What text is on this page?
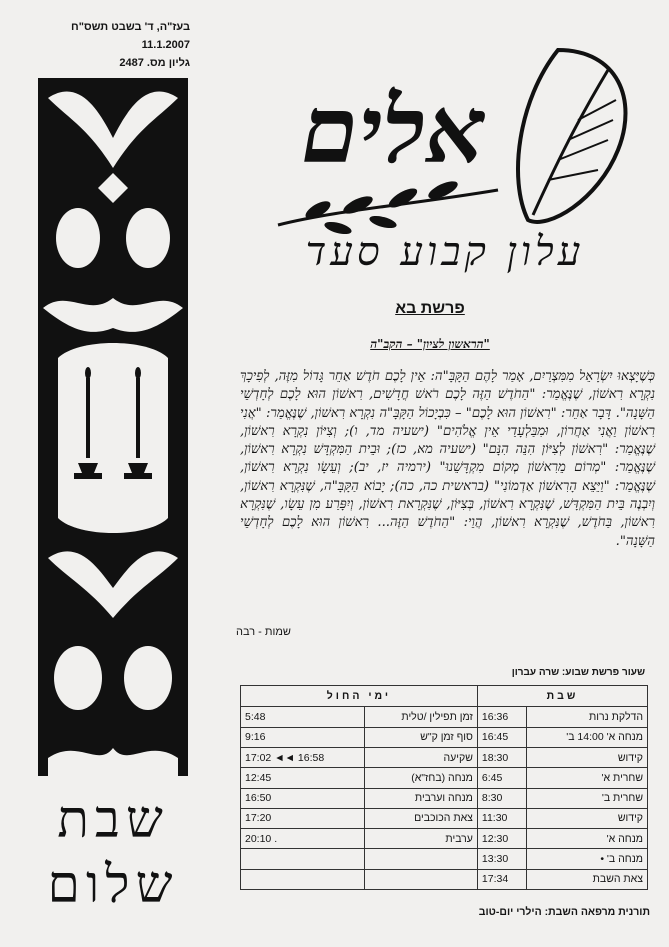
בעז"ה, ד' בשבט תשס"ח
11.1.2007
גליון מס. 2487
שבת
שלום
אלים
עלון קבוע סעד
פרשת בא
"הראשון לציון" – הקב"ה
כְּשֶׁיָּצְאוּ יִשְׂרָאֵל מִמִּצְרַיִם, אָמַר לָהֶם הַקָּבָּ"ה: אֵין לָכֶם חֹדֶשׁ אַחֵר גָּדוֹל מִזֶּה, לְפִיכָךְ נִקְרָא רִאשׁוֹן, שֶׁנֶּאֱמַר: "הַחֹדֶשׁ הַזֶּה לָכֶם רֹאשׁ חֳדָשִׁים, רִאשׁוֹן הוּא לָכֶם לְחָדְשֵׁי הַשָּׁנָה". דָּבָר אַחֵר: "רִאשׁוֹן הוּא לָכֶם" – כִּבְיָכוֹל הַקָּבָּ"ה נִקְרָא רִאשׁוֹן, שֶׁנֶּאֱמַר: "אֲנִי רִאשׁוֹן וַאֲנִי אַחֲרוֹן, וּמִבַּלְעָדַי אֵין אֱלֹהִים" (ישעיה מד, ו); וְצִיּוֹן נִקְרָא רִאשׁוֹן, שֶׁנֶּאֱמַר: "רִאשׁוֹן לְצִיּוֹן הִנֵּה הִנָּם" (ישעיה מא, כז); וּבֵית הַמִּקְדָּשׁ נִקְרָא רִאשׁוֹן, שֶׁנֶּאֱמַר: "מְרוֹם מֵרִאשׁוֹן מְקוֹם מִקְדָּשֵׁנוּ" (ירמיה יז, יב); וְעֵשָׂו נִקְרָא רִאשׁוֹן, שֶׁנֶּאֱמַר: "וַיֵּצֵא הָרִאשׁוֹן אַדְמוֹנִי" (בראשית כה, כה); יָבוֹא הַקָּבָּ"ה, שֶׁנִּקְרָא רִאשׁוֹן, וְיִבְנֶה בֵּית הַמִּקְדָּשׁ, שֶׁנִּקְרָא רִאשׁוֹן, בְּצִיּוֹן, שֶׁנִּקְרָאת רִאשׁוֹן, וְיִפָּרַע מִן עֵשָׂו, שֶׁנִּקְרָא רִאשׁוֹן, בַּחֹדֶשׁ, שֶׁנִּקְרָא רִאשׁוֹן, הֲוֵי: "הַחֹדֶשׁ הַזֶּה... רִאשׁוֹן הוּא לָכֶם לְחָדְשֵׁי הַשָּׁנָה".
שמות - רבה
שעור פרשת שבוע: שרה עברון
ימי החול		שבת	
5:48	זמן תפילין /טלית	16:36	הדלקת נרות
9:16	סוף זמן ק"ש	16:45	מנחה א' 14:00 ב'
17:02 ◄◄ 16:58	שקיעה	18:30	קידוש
12:45	מנחה (בחז"א)	6:45	שחרית א'
16:50	מנחה וערבית	8:30	שחרית ב'
17:20	צאת הכוכבים	11:30	קידוש
20:10 .	ערבית	12:30	מנחה א'
		13:30	מנחה ב' •
		17:34	צאת השבת
תורנית מרפאה השבת: הילרי יום-טוב
